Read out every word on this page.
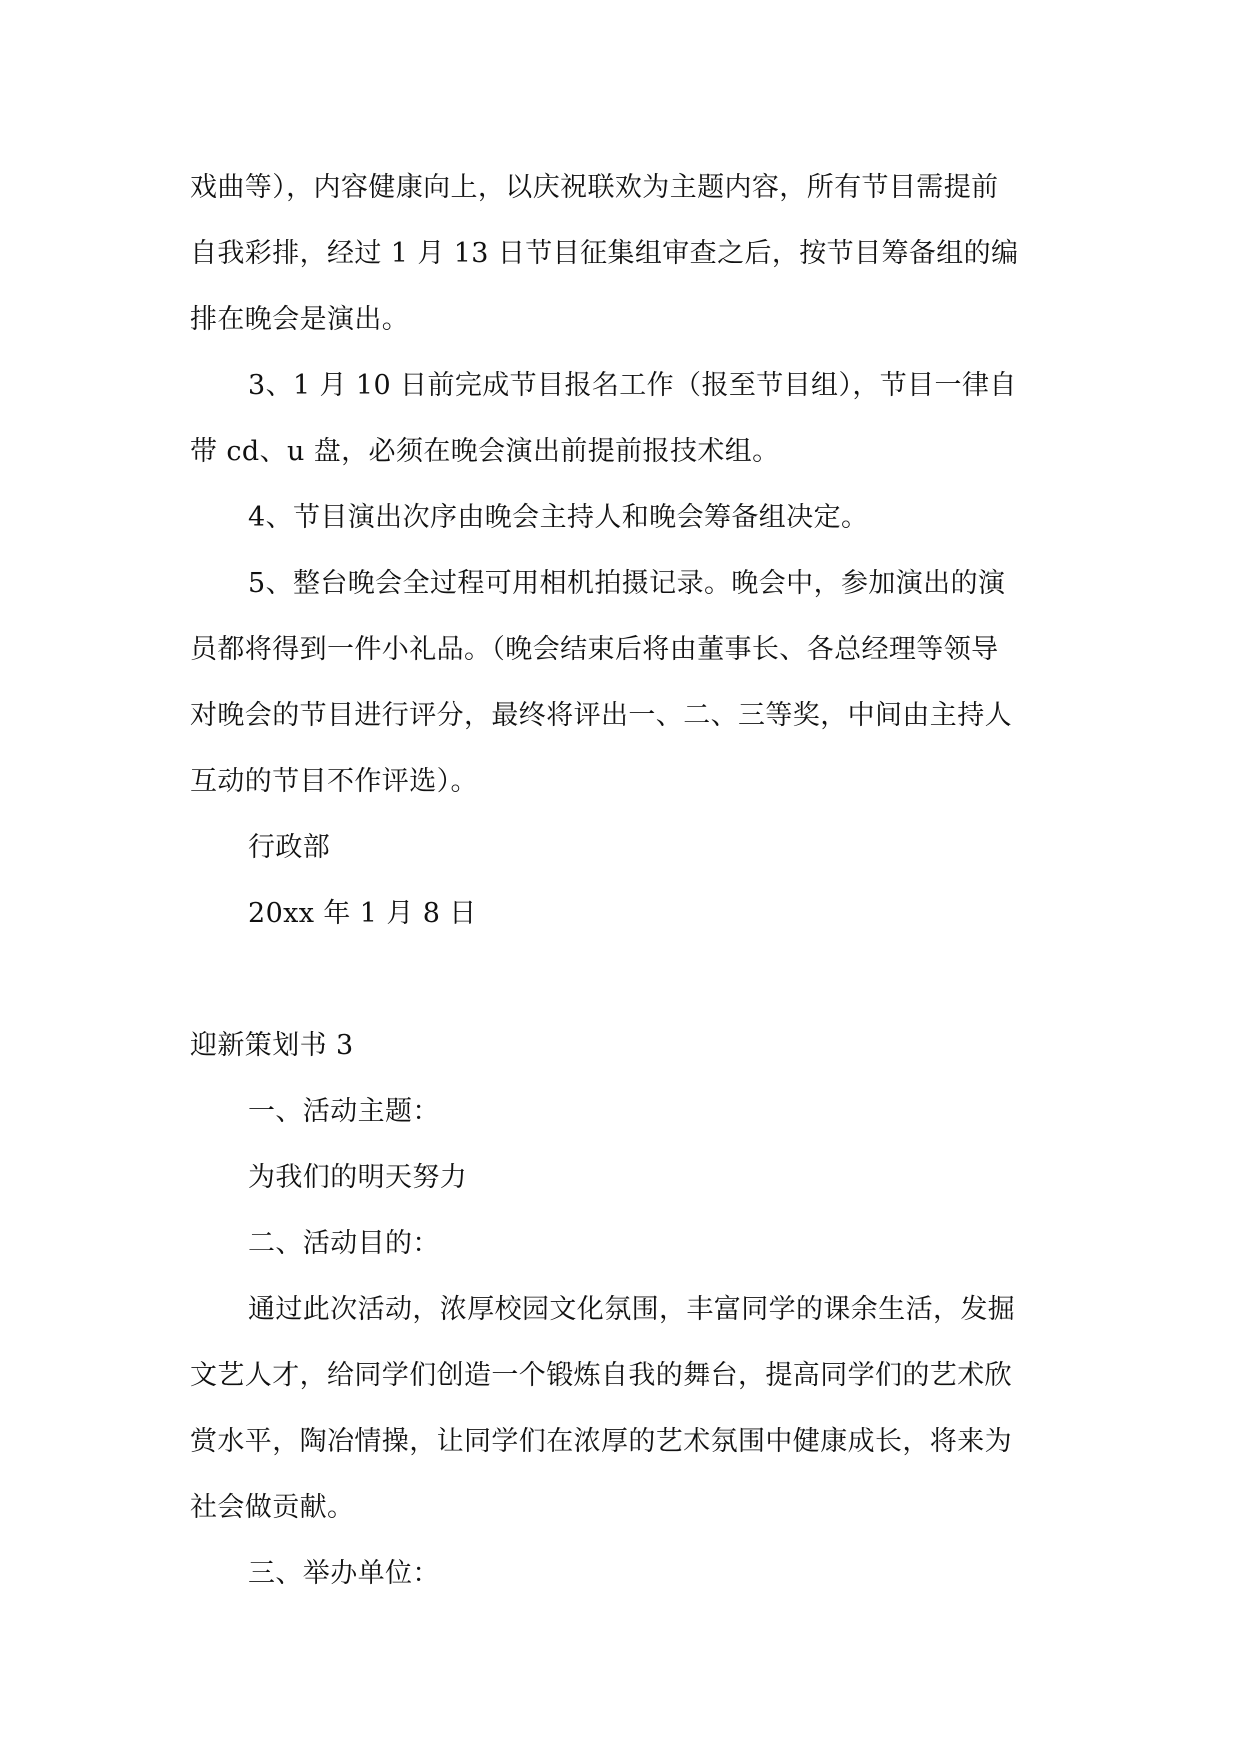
戏曲等），内容健康向上，以庆祝联欢为主题内容，所有节目需提前
自我彩排，经过 1 月 13 日节目征集组审查之后，按节目筹备组的编
排在晚会是演出。
3、1 月 10 日前完成节目报名工作（报至节目组），节目一律自
带 cd、u 盘，必须在晚会演出前提前报技术组。
4、节目演出次序由晚会主持人和晚会筹备组决定。
5、整台晚会全过程可用相机拍摄记录。晚会中，参加演出的演
员都将得到一件小礼品。（晚会结束后将由董事长、各总经理等领导
对晚会的节目进行评分，最终将评出一、二、三等奖，中间由主持人
互动的节目不作评选）。
行政部
20xx 年 1 月 8 日
迎新策划书 3
一、活动主题：
为我们的明天努力
二、活动目的：
通过此次活动，浓厚校园文化氛围，丰富同学的课余生活，发掘
文艺人才，给同学们创造一个锻炼自我的舞台，提高同学们的艺术欣
赏水平，陶冶情操，让同学们在浓厚的艺术氛围中健康成长，将来为
社会做贡献。
三、举办单位：
